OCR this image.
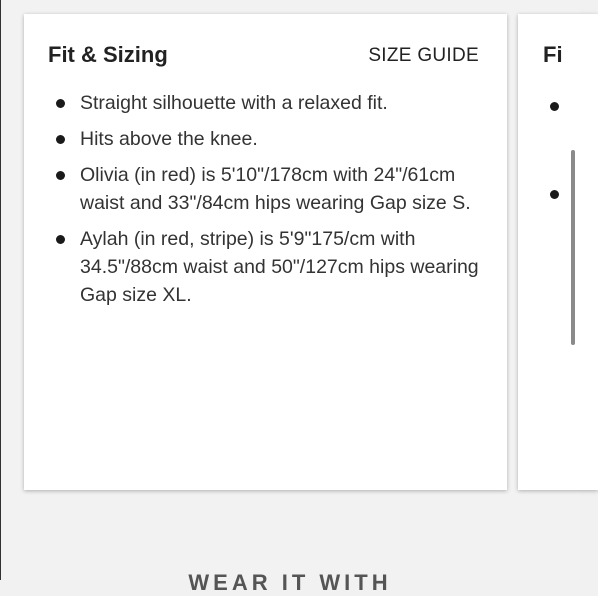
Fit & Sizing	SIZE GUIDE
Straight silhouette with a relaxed fit.
Hits above the knee.
Olivia (in red) is 5'10"/178cm with 24"/61cm waist and 33"/84cm hips wearing Gap size S.
Aylah (in red, stripe) is 5'9"175/cm with 34.5"/88cm waist and 50"/127cm hips wearing Gap size XL.
Fi
WEAR IT WITH
